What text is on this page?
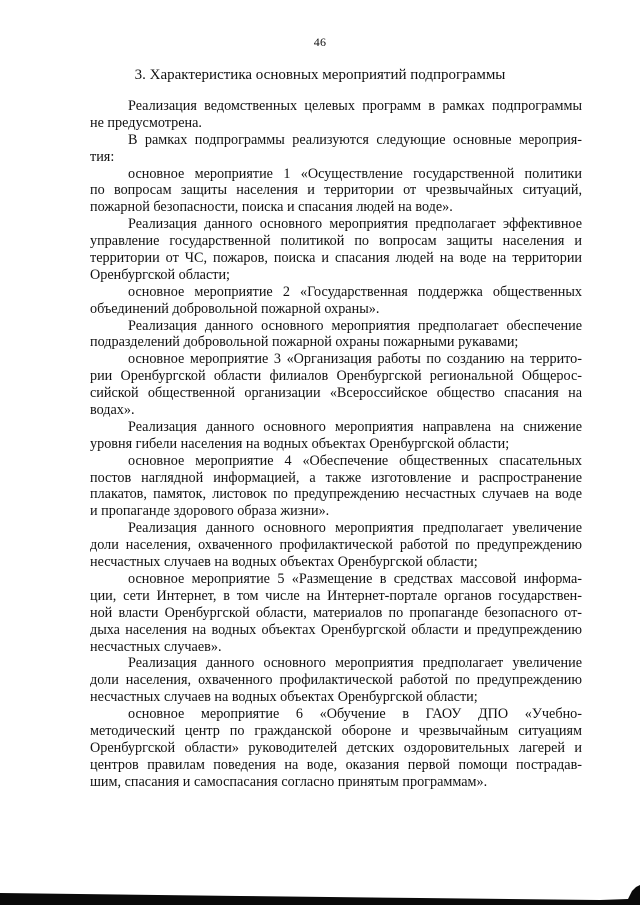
46
3. Характеристика основных мероприятий подпрограммы
Реализация ведомственных целевых программ в рамках подпрограммы
не предусмотрена.
В рамках подпрограммы реализуются следующие основные мероприя-
тия:
основное мероприятие 1 «Осуществление государственной политики
по вопросам защиты населения и территории от чрезвычайных ситуаций,
пожарной безопасности, поиска и спасания людей на воде».
Реализация данного основного мероприятия предполагает эффективное
управление государственной политикой по вопросам защиты населения и
территории от ЧС, пожаров, поиска и спасания людей на воде на территории
Оренбургской области;
основное мероприятие 2 «Государственная поддержка общественных
объединений добровольной пожарной охраны».
Реализация данного основного мероприятия предполагает обеспечение
подразделений добровольной пожарной охраны пожарными рукавами;
основное мероприятие 3 «Организация работы по созданию на террито-
рии Оренбургской области филиалов Оренбургской региональной Общерос-
сийской общественной организации «Всероссийское общество спасания на
водах».
Реализация данного основного мероприятия направлена на снижение
уровня гибели населения на водных объектах Оренбургской области;
основное мероприятие 4 «Обеспечение общественных спасательных
постов наглядной информацией, а также изготовление и распространение
плакатов, памяток, листовок по предупреждению несчастных случаев на воде
и пропаганде здорового образа жизни».
Реализация данного основного мероприятия предполагает увеличение
доли населения, охваченного профилактической работой по предупреждению
несчастных случаев на водных объектах Оренбургской области;
основное мероприятие 5 «Размещение в средствах массовой информа-
ции, сети Интернет, в том числе на Интернет-портале органов государствен-
ной власти Оренбургской области, материалов по пропаганде безопасного от-
дыха населения на водных объектах Оренбургской области и предупреждению
несчастных случаев».
Реализация данного основного мероприятия предполагает увеличение
доли населения, охваченного профилактической работой по предупреждению
несчастных случаев на водных объектах Оренбургской области;
основное мероприятие 6 «Обучение в ГАОУ ДПО «Учебно-
методический центр по гражданской обороне и чрезвычайным ситуациям
Оренбургской области» руководителей детских оздоровительных лагерей и
центров правилам поведения на воде, оказания первой помощи пострадав-
шим, спасания и самоспасания согласно принятым программам».
